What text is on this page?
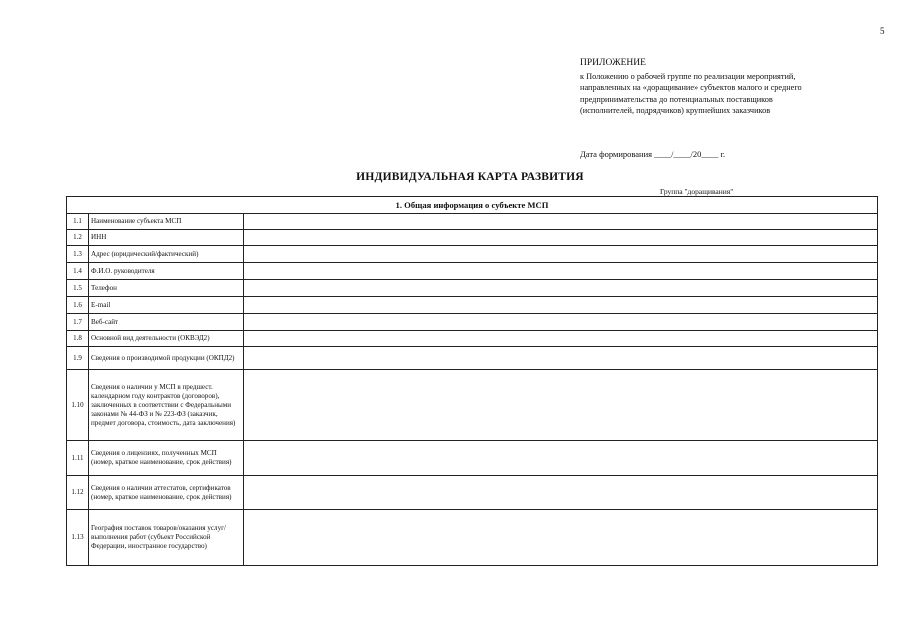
5
ПРИЛОЖЕНИЕ
к Положению о рабочей группе по реализации мероприятий,
направленных на «доращивание» субъектов малого и среднего
предпринимательства до потенциальных поставщиков
(исполнителей, подрядчиков) крупнейших заказчиков
Дата формирования ____/____/20____ г.
ИНДИВИДУАЛЬНАЯ КАРТА РАЗВИТИЯ
Группа "доращивания"
1. Общая информация о субъекте МСП		
1.1	Наименование субъекта МСП	
1.2	ИНН	
1.3	Адрес (юридический/фактический)	
1.4	Ф.И.О. руководителя	
1.5	Телефон	
1.6	E-mail	
1.7	Веб-сайт	
1.8	Основной вид деятельности (ОКВЭД2)	
1.9	Сведения о производимой продукции (ОКПД2)	
1.10	Сведения о наличии у МСП в предшест. календарном году контрактов (договоров), заключенных в соответствии с Федеральными законами № 44-ФЗ и № 223-ФЗ (заказчик, предмет договора, стоимость, дата заключения)	
1.11	Сведения о лицензиях, полученных МСП (номер, краткое наименование, срок действия)	
1.12	Сведения о наличии аттестатов, сертификатов (номер, краткое наименование, срок действия)	
1.13	География поставок товаров/оказания услуг/выполнения работ (субъект Российской Федерации, иностранное государство)	
